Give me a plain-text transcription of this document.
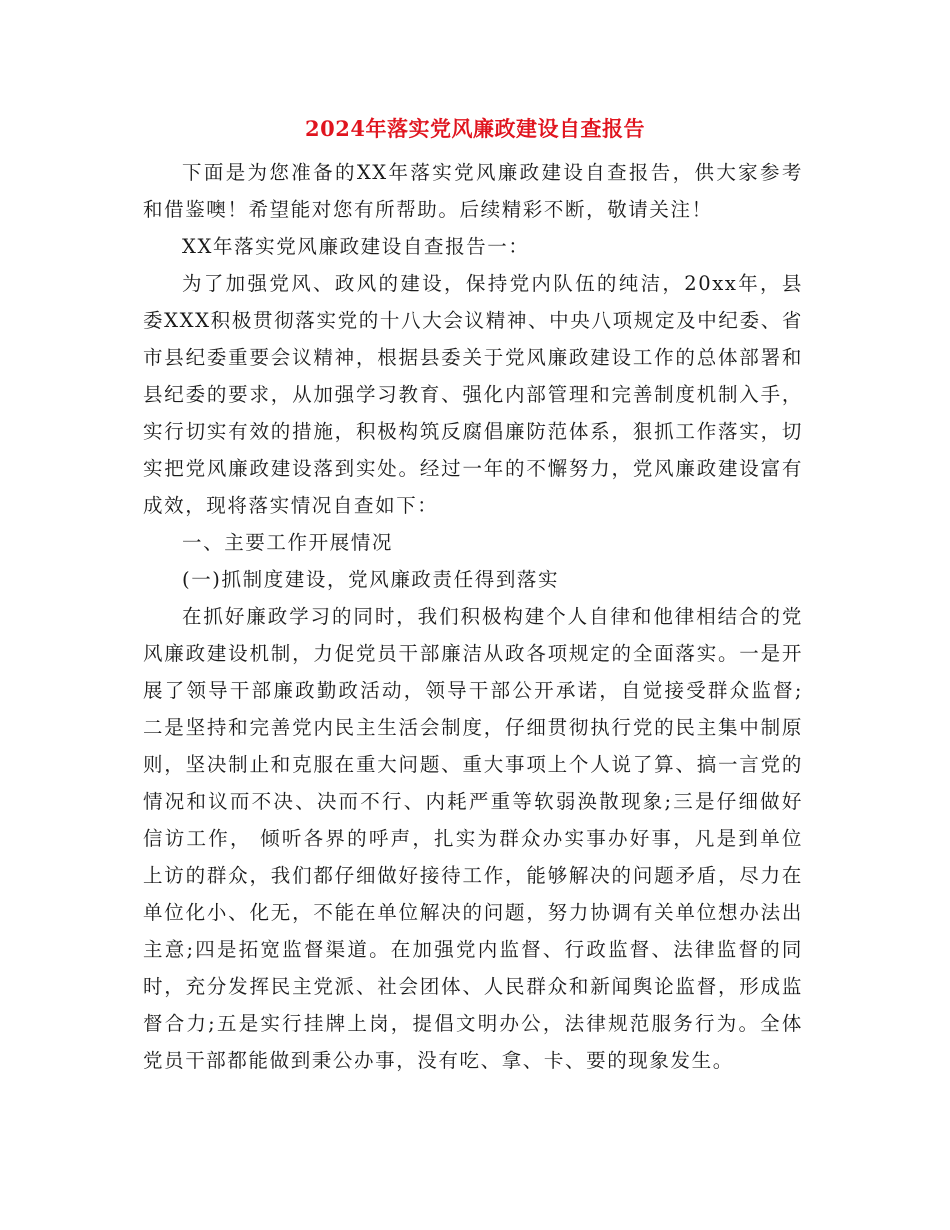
2024年落实党风廉政建设自查报告

下面是为您准备的XX年落实党风廉政建设自查报告，供大家参考和借鉴噢！希望能对您有所帮助。后续精彩不断，敬请关注！

XX年落实党风廉政建设自查报告一：

为了加强党风、政风的建设，保持党内队伍的纯洁，20xx年，县委XXX积极贯彻落实党的十八大会议精神、中央八项规定及中纪委、省市县纪委重要会议精神，根据县委关于党风廉政建设工作的总体部署和县纪委的要求，从加强学习教育、强化内部管理和完善制度机制入手，实行切实有效的措施，积极构筑反腐倡廉防范体系，狠抓工作落实，切实把党风廉政建设落到实处。经过一年的不懈努力，党风廉政建设富有成效，现将落实情况自查如下：

一、主要工作开展情况

(一)抓制度建设，党风廉政责任得到落实

在抓好廉政学习的同时，我们积极构建个人自律和他律相结合的党风廉政建设机制，力促党员干部廉洁从政各项规定的全面落实。一是开展了领导干部廉政勤政活动，领导干部公开承诺，自觉接受群众监督;二是坚持和完善党内民主生活会制度，仔细贯彻执行党的民主集中制原则，坚决制止和克服在重大问题、重大事项上个人说了算、搞一言党的情况和议而不决、决而不行、内耗严重等软弱涣散现象;三是仔细做好信访工作， 倾听各界的呼声，扎实为群众办实事办好事，凡是到单位上访的群众，我们都仔细做好接待工作，能够解决的问题矛盾，尽力在单位化小、化无，不能在单位解决的问题，努力协调有关单位想办法出主意;四是拓宽监督渠道。在加强党内监督、行政监督、法律监督的同时，充分发挥民主党派、社会团体、人民群众和新闻舆论监督，形成监督合力;五是实行挂牌上岗，提倡文明办公，法律规范服务行为。全体党员干部都能做到秉公办事，没有吃、拿、卡、要的现象发生。
